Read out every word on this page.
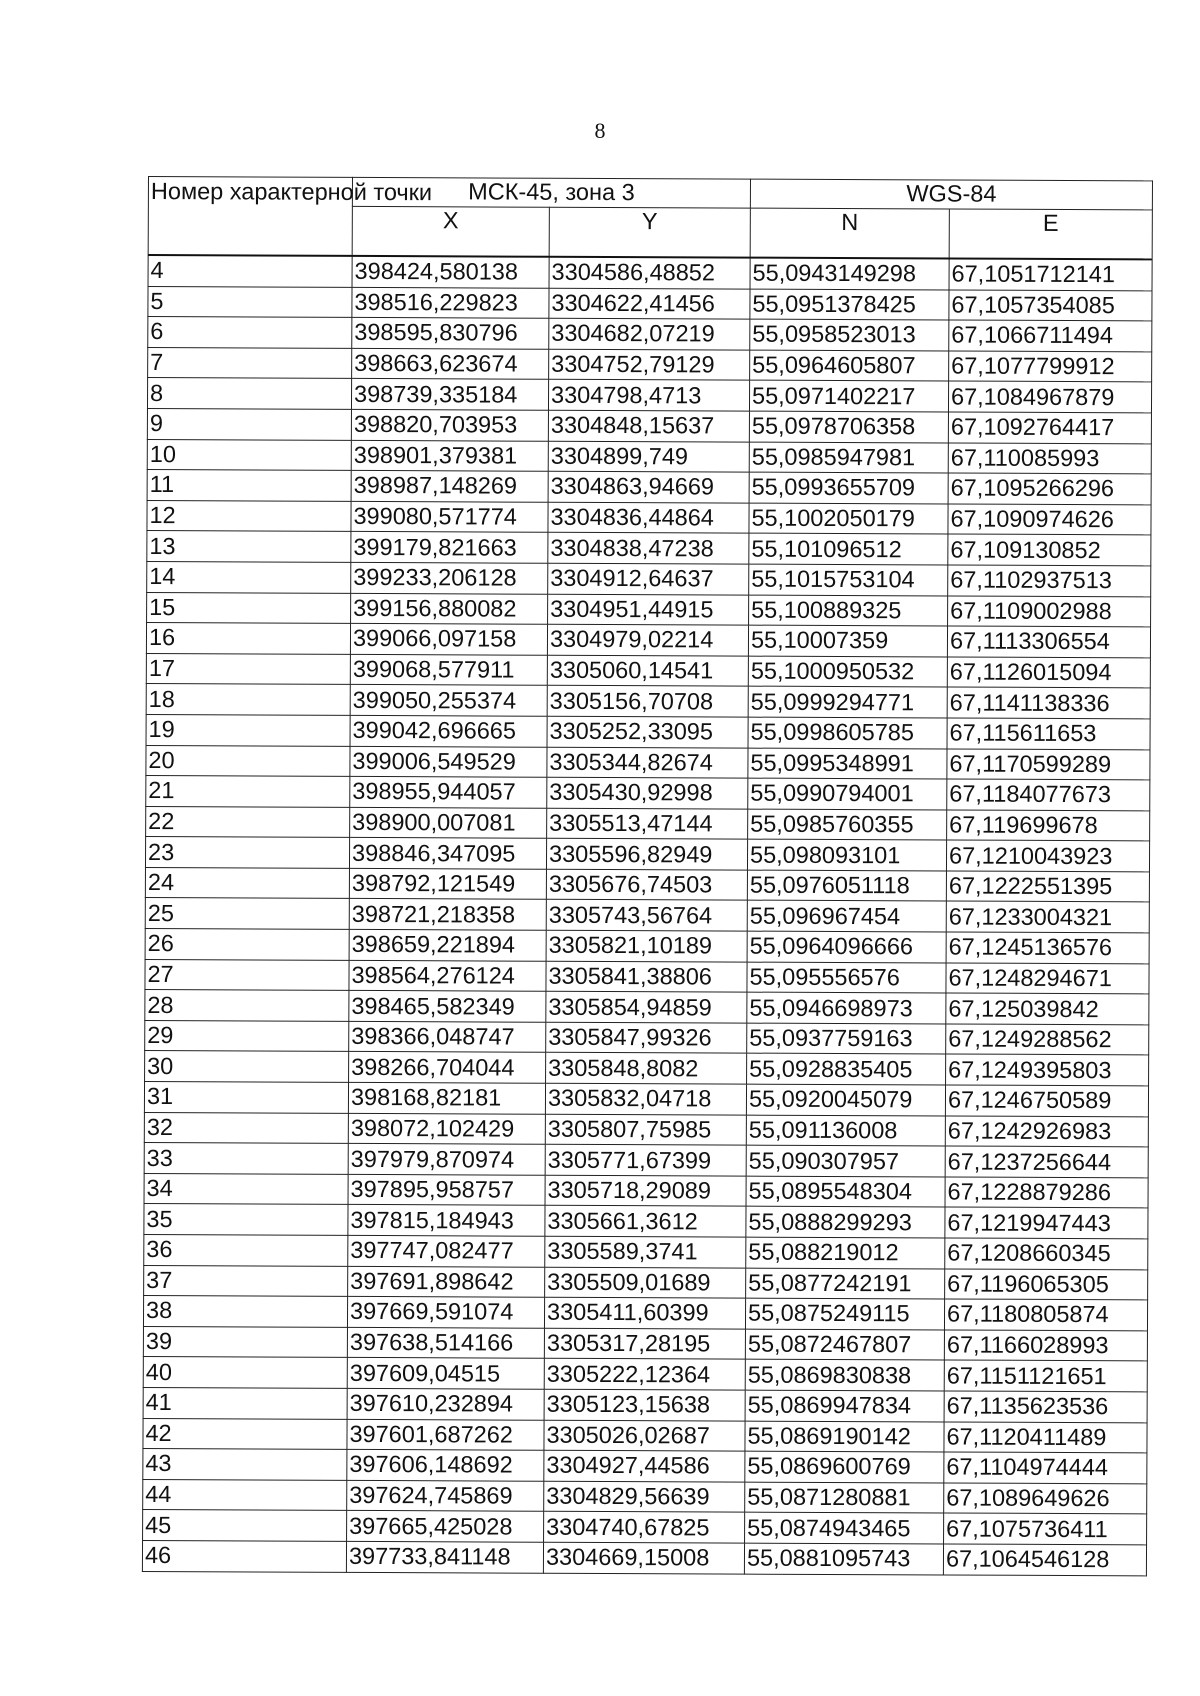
8
Номер характерной точки	МСК-45, зона 3		WGS-84	
	X	Y	N	E
4	398424,580138	3304586,48852	55,0943149298	67,1051712141
5	398516,229823	3304622,41456	55,0951378425	67,1057354085
6	398595,830796	3304682,07219	55,0958523013	67,1066711494
7	398663,623674	3304752,79129	55,0964605807	67,1077799912
8	398739,335184	3304798,4713	55,0971402217	67,1084967879
9	398820,703953	3304848,15637	55,0978706358	67,1092764417
10	398901,379381	3304899,749	55,0985947981	67,110085993
11	398987,148269	3304863,94669	55,0993655709	67,1095266296
12	399080,571774	3304836,44864	55,1002050179	67,1090974626
13	399179,821663	3304838,47238	55,101096512	67,109130852
14	399233,206128	3304912,64637	55,1015753104	67,1102937513
15	399156,880082	3304951,44915	55,100889325	67,1109002988
16	399066,097158	3304979,02214	55,10007359	67,1113306554
17	399068,577911	3305060,14541	55,1000950532	67,1126015094
18	399050,255374	3305156,70708	55,0999294771	67,1141138336
19	399042,696665	3305252,33095	55,0998605785	67,115611653
20	399006,549529	3305344,82674	55,0995348991	67,1170599289
21	398955,944057	3305430,92998	55,0990794001	67,1184077673
22	398900,007081	3305513,47144	55,0985760355	67,119699678
23	398846,347095	3305596,82949	55,098093101	67,1210043923
24	398792,121549	3305676,74503	55,0976051118	67,1222551395
25	398721,218358	3305743,56764	55,096967454	67,1233004321
26	398659,221894	3305821,10189	55,0964096666	67,1245136576
27	398564,276124	3305841,38806	55,095556576	67,1248294671
28	398465,582349	3305854,94859	55,0946698973	67,125039842
29	398366,048747	3305847,99326	55,0937759163	67,1249288562
30	398266,704044	3305848,8082	55,0928835405	67,1249395803
31	398168,82181	3305832,04718	55,0920045079	67,1246750589
32	398072,102429	3305807,75985	55,091136008	67,1242926983
33	397979,870974	3305771,67399	55,090307957	67,1237256644
34	397895,958757	3305718,29089	55,0895548304	67,1228879286
35	397815,184943	3305661,3612	55,0888299293	67,1219947443
36	397747,082477	3305589,3741	55,088219012	67,1208660345
37	397691,898642	3305509,01689	55,0877242191	67,1196065305
38	397669,591074	3305411,60399	55,0875249115	67,1180805874
39	397638,514166	3305317,28195	55,0872467807	67,1166028993
40	397609,04515	3305222,12364	55,0869830838	67,1151121651
41	397610,232894	3305123,15638	55,0869947834	67,1135623536
42	397601,687262	3305026,02687	55,0869190142	67,1120411489
43	397606,148692	3304927,44586	55,0869600769	67,1104974444
44	397624,745869	3304829,56639	55,0871280881	67,1089649626
45	397665,425028	3304740,67825	55,0874943465	67,1075736411
46	397733,841148	3304669,15008	55,0881095743	67,1064546128
